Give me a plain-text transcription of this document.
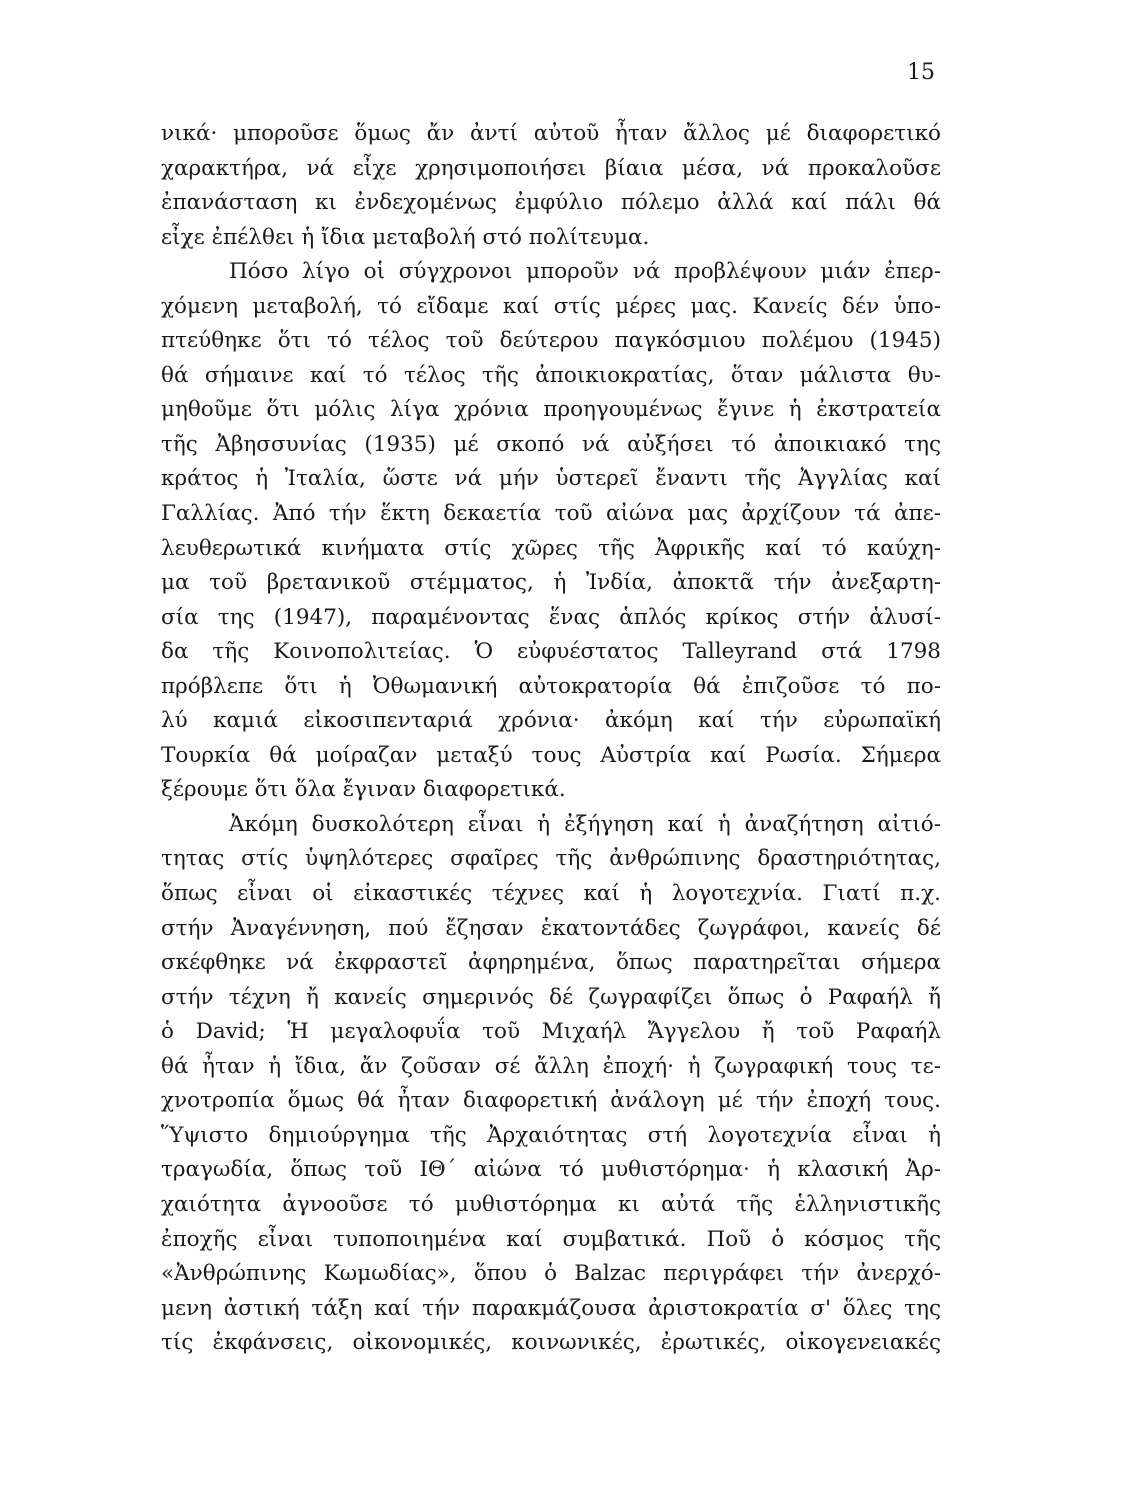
15
νικά· μποροῦσε ὅμως ἄν ἀντί αὐτοῦ ἦταν ἄλλος μέ διαφορετικό
χαρακτήρα, νά εἶχε χρησιμοποιήσει βίαια μέσα, νά προκαλοῦσε
ἐπανάσταση κι ἐνδεχομένως ἐμφύλιο πόλεμο ἀλλά καί πάλι θά
εἶχε ἐπέλθει ἡ ἴδια μεταβολή στό πολίτευμα.
Πόσο λίγο οἱ σύγχρονοι μποροῦν νά προβλέψουν μιάν ἐπερ-
χόμενη μεταβολή, τό εἴδαμε καί στίς μέρες μας. Κανείς δέν ὑπο-
πτεύθηκε ὅτι τό τέλος τοῦ δεύτερου παγκόσμιου πολέμου (1945)
θά σήμαινε καί τό τέλος τῆς ἀποικιοκρατίας, ὅταν μάλιστα θυ-
μηθοῦμε ὅτι μόλις λίγα χρόνια προηγουμένως ἔγινε ἡ ἐκστρατεία
τῆς Ἀβησσυνίας (1935) μέ σκοπό νά αὐξήσει τό ἀποικιακό της
κράτος ἡ Ἰταλία, ὥστε νά μήν ὑστερεῖ ἔναντι τῆς Ἀγγλίας καί
Γαλλίας. Ἀπό τήν ἕκτη δεκαετία τοῦ αἰώνα μας ἀρχίζουν τά ἀπε-
λευθερωτικά κινήματα στίς χῶρες τῆς Ἀφρικῆς καί τό καύχη-
μα τοῦ βρετανικοῦ στέμματος, ἡ Ἰνδία, ἀποκτᾶ τήν ἀνεξαρτη-
σία της (1947), παραμένοντας ἕνας ἁπλός κρίκος στήν ἁλυσί-
δα τῆς Κοινοπολιτείας. Ὁ εὐφυέστατος Talleyrand στά 1798
πρόβλεπε ὅτι ἡ Ὀθωμανική αὐτοκρατορία θά ἐπιζοῦσε τό πο-
λύ καμιά εἰκοσιπενταριά χρόνια· ἀκόμη καί τήν εὐρωπαϊκή
Τουρκία θά μοίραζαν μεταξύ τους Αὐστρία καί Ρωσία. Σήμερα
ξέρουμε ὅτι ὅλα ἔγιναν διαφορετικά.
Ἀκόμη δυσκολότερη εἶναι ἡ ἐξήγηση καί ἡ ἀναζήτηση αἰτιό-
τητας στίς ὑψηλότερες σφαῖρες τῆς ἀνθρώπινης δραστηριότητας,
ὅπως εἶναι οἱ εἰκαστικές τέχνες καί ἡ λογοτεχνία. Γιατί π.χ.
στήν Ἀναγέννηση, πού ἔζησαν ἑκατοντάδες ζωγράφοι, κανείς δέ
σκέφθηκε νά ἐκφραστεῖ ἀφηρημένα, ὅπως παρατηρεῖται σήμερα
στήν τέχνη ἤ κανείς σημερινός δέ ζωγραφίζει ὅπως ὁ Ραφαήλ ἤ
ὁ David; Ἡ μεγαλοφυΐα τοῦ Μιχαήλ Ἄγγελου ἤ τοῦ Ραφαήλ
θά ἦταν ἡ ἴδια, ἄν ζοῦσαν σέ ἄλλη ἐποχή· ἡ ζωγραφική τους τε-
χνοτροπία ὅμως θά ἦταν διαφορετική ἀνάλογη μέ τήν ἐποχή τους.
Ὕψιστο δημιούργημα τῆς Ἀρχαιότητας στή λογοτεχνία εἶναι ἡ
τραγωδία, ὅπως τοῦ ΙΘ΄ αἰώνα τό μυθιστόρημα· ἡ κλασική Ἀρ-
χαιότητα ἀγνοοῦσε τό μυθιστόρημα κι αὐτά τῆς ἑλληνιστικῆς
ἐποχῆς εἶναι τυποποιημένα καί συμβατικά. Ποῦ ὁ κόσμος τῆς
«Ἀνθρώπινης Κωμωδίας», ὅπου ὁ Balzac περιγράφει τήν ἀνερχό-
μενη ἀστική τάξη καί τήν παρακμάζουσα ἀριστοκρατία σ' ὅλες της
τίς ἐκφάνσεις, οἰκονομικές, κοινωνικές, ἐρωτικές, οἰκογενειακές
